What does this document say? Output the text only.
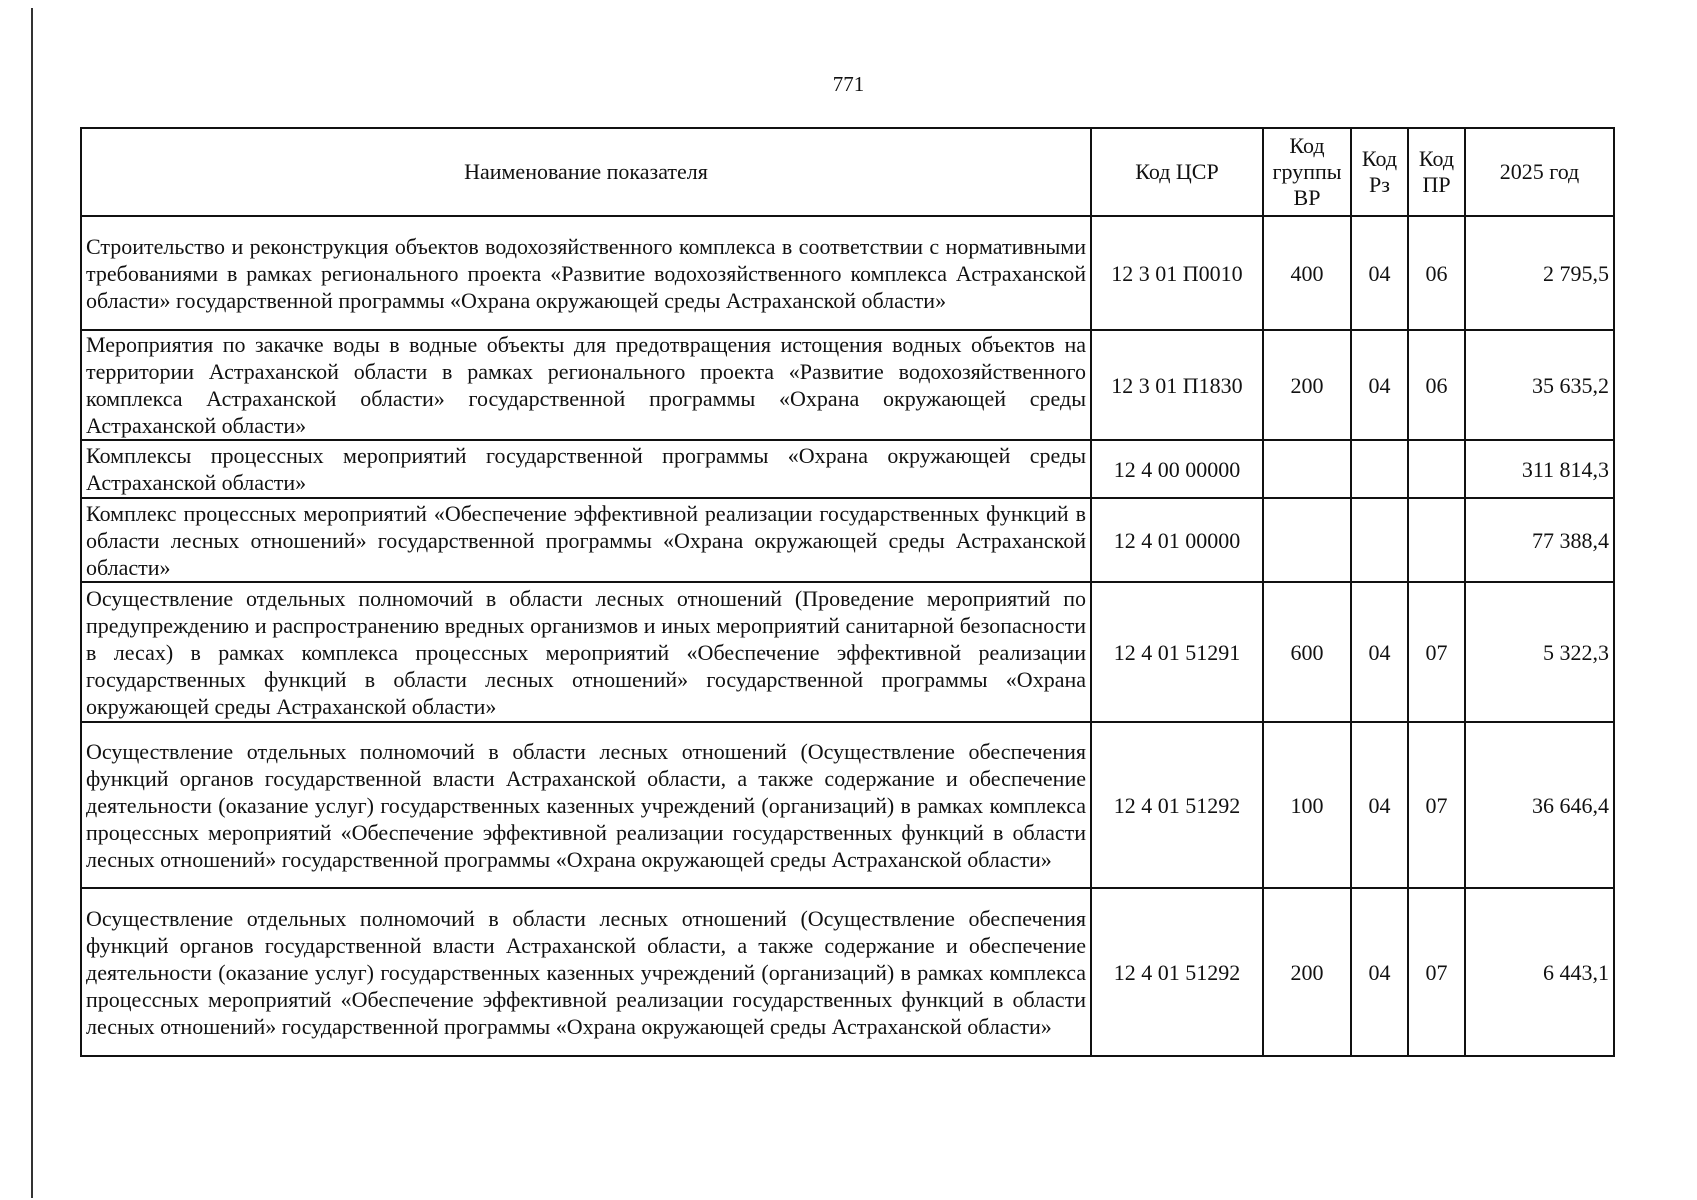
771
Наименование показателя	Код ЦСР	Код группы ВР	Код Рз	Код ПР	2025 год
Строительство и реконструкция объектов водохозяйственного комплекса в соответствии с нормативными требованиями в рамках регионального проекта «Развитие водохозяйственного комплекса Астраханской области» государственной программы «Охрана окружающей среды Астраханской области»	12 3 01 П0010	400	04	06	2 795,5
Мероприятия по закачке воды в водные объекты для предотвращения истощения водных объектов на территории Астраханской области в рамках регионального проекта «Развитие водохозяйственного комплекса Астраханской области» государственной программы «Охрана окружающей среды Астраханской области»	12 3 01 П1830	200	04	06	35 635,2
Комплексы процессных мероприятий государственной программы «Охрана окружающей среды Астраханской области»	12 4 00 00000				311 814,3
Комплекс процессных мероприятий «Обеспечение эффективной реализации государственных функций в области лесных отношений» государственной программы «Охрана окружающей среды Астраханской области»	12 4 01 00000				77 388,4
Осуществление отдельных полномочий в области лесных отношений (Проведение мероприятий по предупреждению и распространению вредных организмов и иных мероприятий санитарной безопасности в лесах) в рамках комплекса процессных мероприятий «Обеспечение эффективной реализации государственных функций в области лесных отношений» государственной программы «Охрана окружающей среды Астраханской области»	12 4 01 51291	600	04	07	5 322,3
Осуществление отдельных полномочий в области лесных отношений (Осуществление обеспечения функций органов государственной власти Астраханской области, а также содержание и обеспечение деятельности (оказание услуг) государственных казенных учреждений (организаций) в рамках комплекса процессных мероприятий «Обеспечение эффективной реализации государственных функций в области лесных отношений» государственной программы «Охрана окружающей среды Астраханской области»	12 4 01 51292	100	04	07	36 646,4
Осуществление отдельных полномочий в области лесных отношений (Осуществление обеспечения функций органов государственной власти Астраханской области, а также содержание и обеспечение деятельности (оказание услуг) государственных казенных учреждений (организаций) в рамках комплекса процессных мероприятий «Обеспечение эффективной реализации государственных функций в области лесных отношений» государственной программы «Охрана окружающей среды Астраханской области»	12 4 01 51292	200	04	07	6 443,1
